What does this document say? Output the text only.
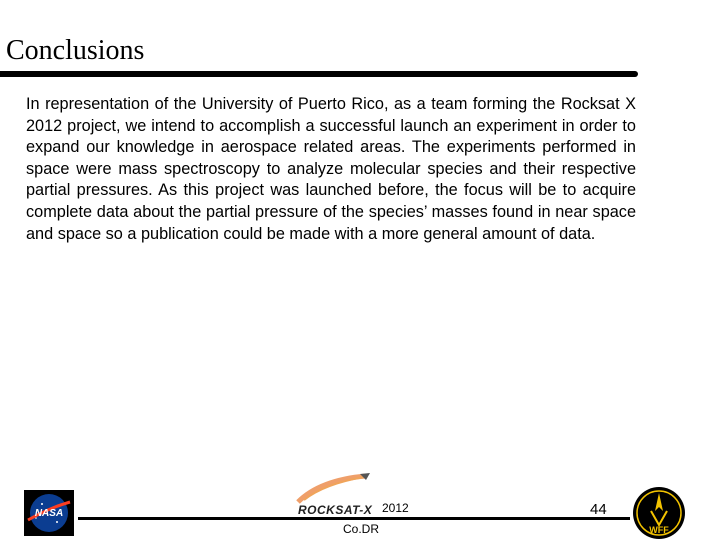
Conclusions
In representation of the University of Puerto Rico, as a team forming the Rocksat X 2012 project, we intend to accomplish a successful launch an experiment in order to expand our knowledge in aerospace related areas. The experiments performed in space were mass spectroscopy to analyze molecular species and their respective partial pressures. As this project was launched before, the focus will be to acquire complete data about the partial pressure of the species’ masses found in near space and space so a publication could be made with a more general amount of data.
NASA	ROCKSAT-X 2012	44
Co.DR	WFF
